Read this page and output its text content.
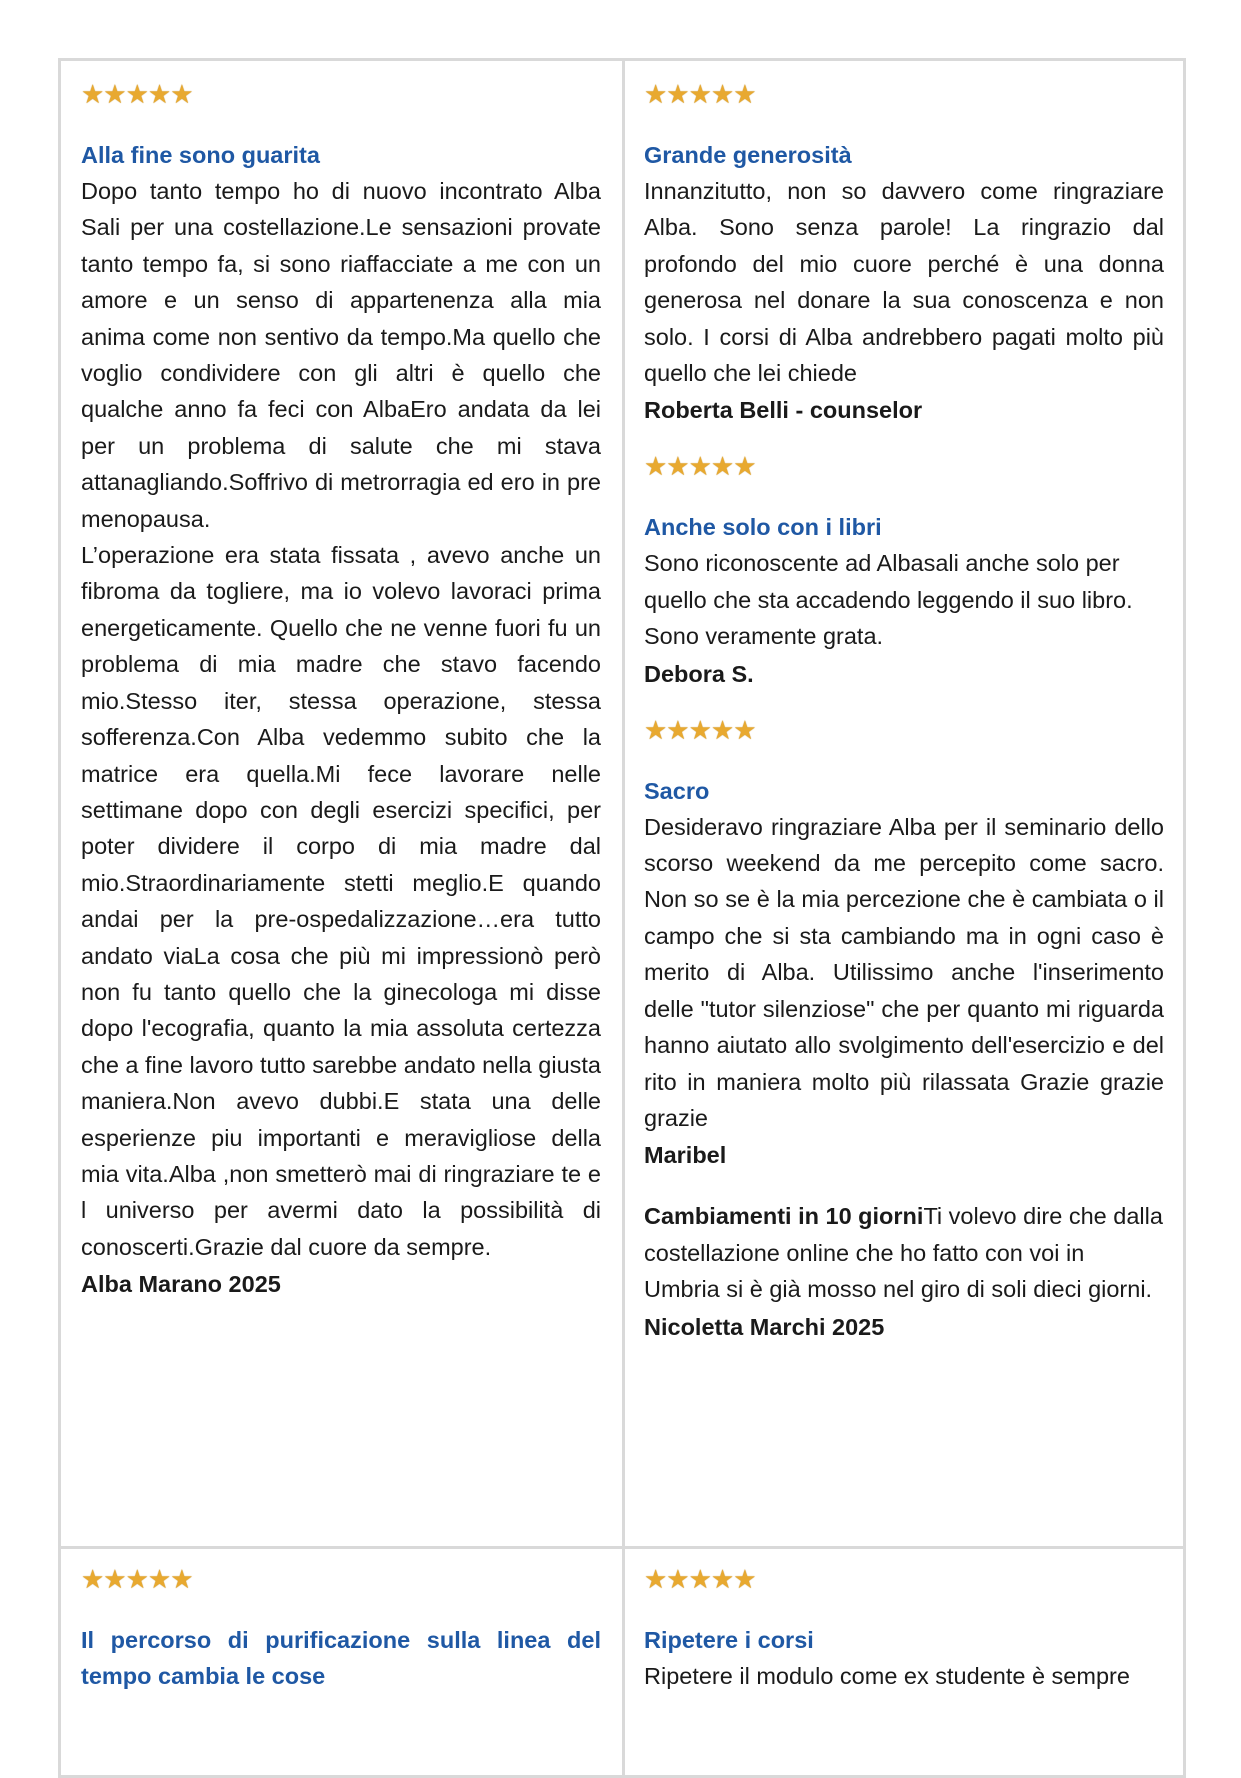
★★★★★
Alla fine sono guarita

Dopo tanto tempo ho di nuovo incontrato Alba Sali per una costellazione.Le sensazioni provate tanto tempo fa, si sono riaffacciate a me con un amore e un senso di appartenenza alla mia anima come non sentivo da tempo.Ma quello che voglio condividere con gli altri è quello che qualche anno fa feci con AlbaEro andata da lei per un problema di salute che mi stava attanagliando.Soffrivo di metrorragia ed ero in pre menopausa.

L’operazione era stata fissata , avevo anche un fibroma da togliere, ma io volevo lavoraci prima energeticamente. Quello che ne venne fuori fu un problema di mia madre che stavo facendo mio.Stesso iter, stessa operazione, stessa sofferenza.Con Alba vedemmo subito che la matrice era quella.Mi fece lavorare nelle settimane dopo con degli esercizi specifici, per poter dividere il corpo di mia madre dal mio.Straordinariamente stetti meglio.E quando andai per la pre-ospedalizzazione…era tutto andato viaLa cosa che più mi impressionò però non fu tanto quello che la ginecologa mi disse dopo l'ecografia, quanto la mia assoluta certezza che a fine lavoro tutto sarebbe andato nella giusta maniera.Non avevo dubbi.E stata una delle esperienze piu importanti e meravigliose della mia vita.Alba ,non smetterò mai di ringraziare te e l universo per avermi dato la possibilità di conoscerti.Grazie dal cuore da sempre.

Alba Marano 2025
★★★★★
Grande generosità
Innanzitutto, non so davvero come ringraziare Alba. Sono senza parole! La ringrazio dal profondo del mio cuore perché è una donna generosa nel donare la sua conoscenza e non solo. I corsi di Alba andrebbero pagati molto più quello che lei chiede
Roberta Belli - counselor
★★★★★
Anche solo con i libri
Sono riconoscente ad Albasali anche solo per quello che sta accadendo leggendo il suo libro. Sono veramente grata.
Debora S.
★★★★★
Sacro
Desideravo ringraziare Alba per il seminario dello scorso weekend da me percepito come sacro. Non so se è la mia percezione che è cambiata o il campo che si sta cambiando ma in ogni caso è merito di Alba. Utilissimo anche l'inserimento delle "tutor silenziose" che per quanto mi riguarda hanno aiutato allo svolgimento dell'esercizio e del rito in maniera molto più rilassata Grazie grazie grazie
Maribel
Cambiamenti in 10 giorniTi volevo dire che dalla costellazione online che ho fatto con voi in Umbria si è già mosso nel giro di soli dieci giorni.
Nicoletta Marchi 2025
★★★★★
Il percorso di purificazione sulla linea del tempo cambia le cose
★★★★★
Ripetere i corsi
Ripetere il modulo come ex studente è sempre
